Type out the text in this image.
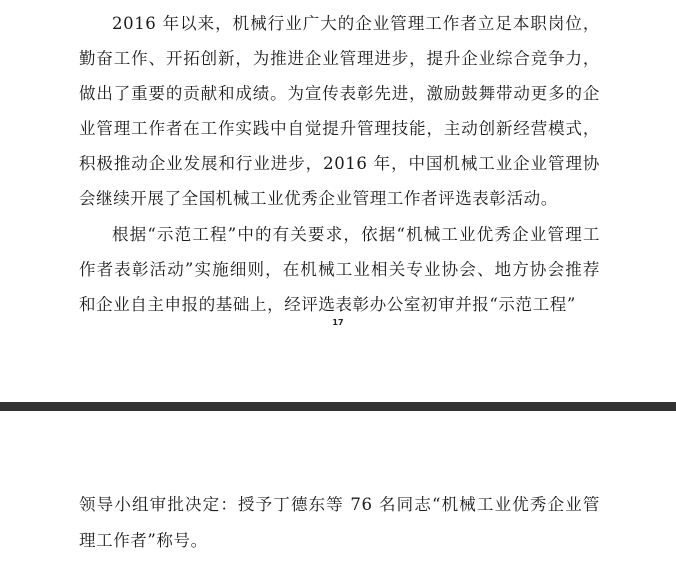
2016 年以来，机械行业广大的企业管理工作者立足本职岗位，勤奋工作、开拓创新，为推进企业管理进步，提升企业综合竞争力，做出了重要的贡献和成绩。为宣传表彰先进，激励鼓舞带动更多的企业管理工作者在工作实践中自觉提升管理技能，主动创新经营模式，积极推动企业发展和行业进步，2016 年，中国机械工业企业管理协会继续开展了全国机械工业优秀企业管理工作者评选表彰活动。

根据“示范工程”中的有关要求，依据“机械工业优秀企业管理工作者表彰活动”实施细则，在机械工业相关专业协会、地方协会推荐和企业自主申报的基础上，经评选表彰办公室初审并报“示范工程”

17

领导小组审批决定：授予丁德东等 76 名同志“机械工业优秀企业管理工作者”称号。
